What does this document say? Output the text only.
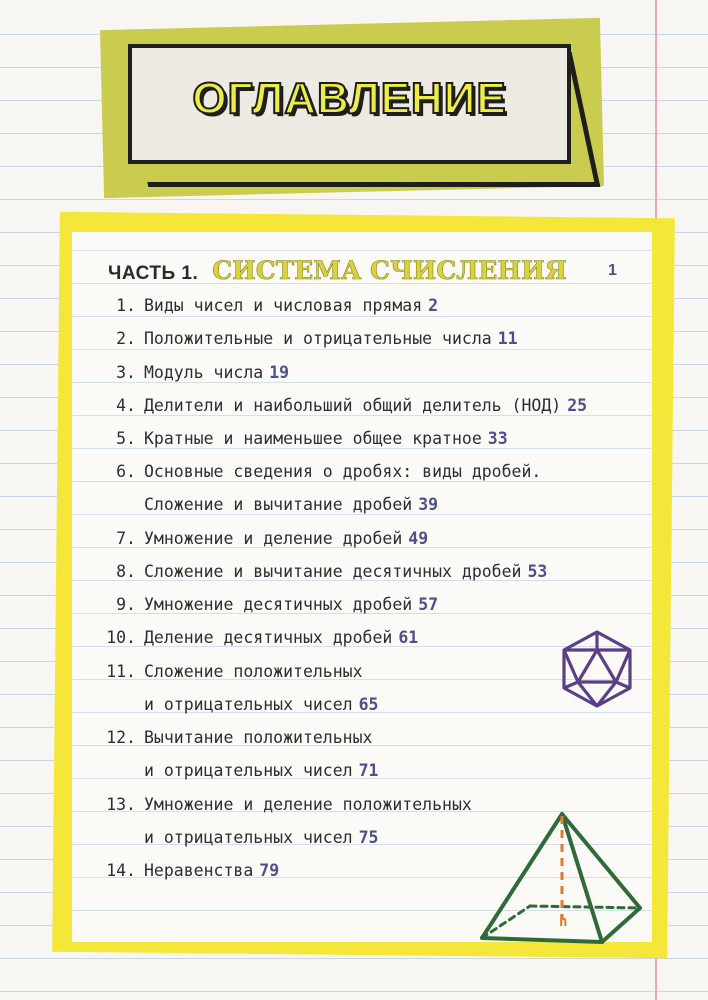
ОГЛАВЛЕНИЕ
ЧАСТЬ 1. СИСТЕМА СЧИСЛЕНИЯ	1
1. Виды чисел и числовая прямая 2
2. Положительные и отрицательные числа 11
3. Модуль числа 19
4. Делители и наибольший общий делитель (НОД) 25
5. Кратные и наименьшее общее кратное 33
6. Основные сведения о дробях: виды дробей.
Сложение и вычитание дробей 39
7. Умножение и деление дробей 49
8. Сложение и вычитание десятичных дробей 53
9. Умножение десятичных дробей 57
10. Деление десятичных дробей 61
11. Сложение положительных
и отрицательных чисел 65
12. Вычитание положительных
и отрицательных чисел 71
13. Умножение и деление положительных
и отрицательных чисел 75
14. Неравенства 79
h
